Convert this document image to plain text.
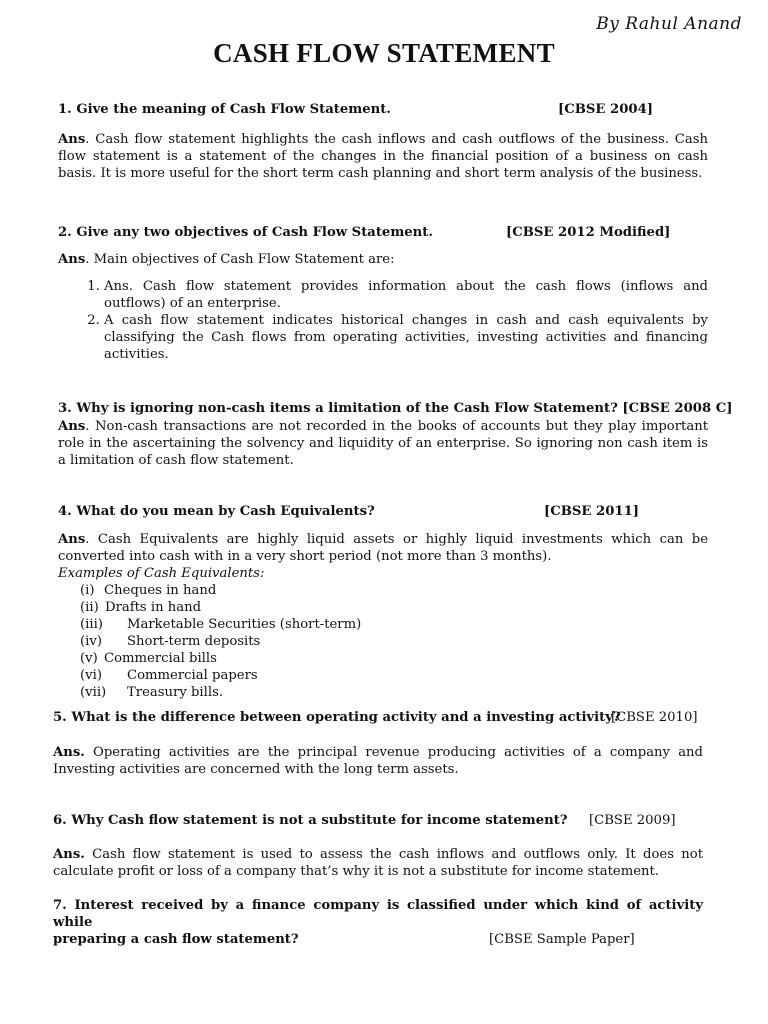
By Rahul Anand
CASH FLOW STATEMENT
1. Give the meaning of Cash Flow Statement.	[CBSE 2004]
Ans. Cash flow statement highlights the cash inflows and cash outflows of the business. Cash flow statement is a statement of the changes in the financial position of a business on cash basis. It is more useful for the short term cash planning and short term analysis of the business.
2. Give any two objectives of Cash Flow Statement.	[CBSE 2012 Modified]
Ans. Main objectives of Cash Flow Statement are:
1. Ans. Cash flow statement provides information about the cash flows (inflows and outflows) of an enterprise.
2. A cash flow statement indicates historical changes in cash and cash equivalents by classifying the Cash flows from operating activities, investing activities and financing activities.
3. Why is ignoring non-cash items a limitation of the Cash Flow Statement? [CBSE 2008 C]
Ans. Non-cash transactions are not recorded in the books of accounts but they play important role in the ascertaining the solvency and liquidity of an enterprise. So ignoring non cash item is a limitation of cash flow statement.
4. What do you mean by Cash Equivalents?	[CBSE 2011]
Ans. Cash Equivalents are highly liquid assets or highly liquid investments which can be converted into cash with in a very short period (not more than 3 months).
Examples of Cash Equivalents:
(i) Cheques in hand
(ii) Drafts in hand
(iii) Marketable Securities (short-term)
(iv) Short-term deposits
(v) Commercial bills
(vi) Commercial papers
(vii) Treasury bills.
5. What is the difference between operating activity and a investing activity?
[CBSE 2010]
Ans. Operating activities are the principal revenue producing activities of a company and Investing activities are concerned with the long term assets.
6. Why Cash flow statement is not a substitute for income statement? [CBSE 2009]
Ans. Cash flow statement is used to assess the cash inflows and outflows only. It does not calculate profit or loss of a company that’s why it is not a substitute for income statement.
7. Interest received by a finance company is classified under which kind of activity while
preparing a cash flow statement?	[CBSE Sample Paper]
